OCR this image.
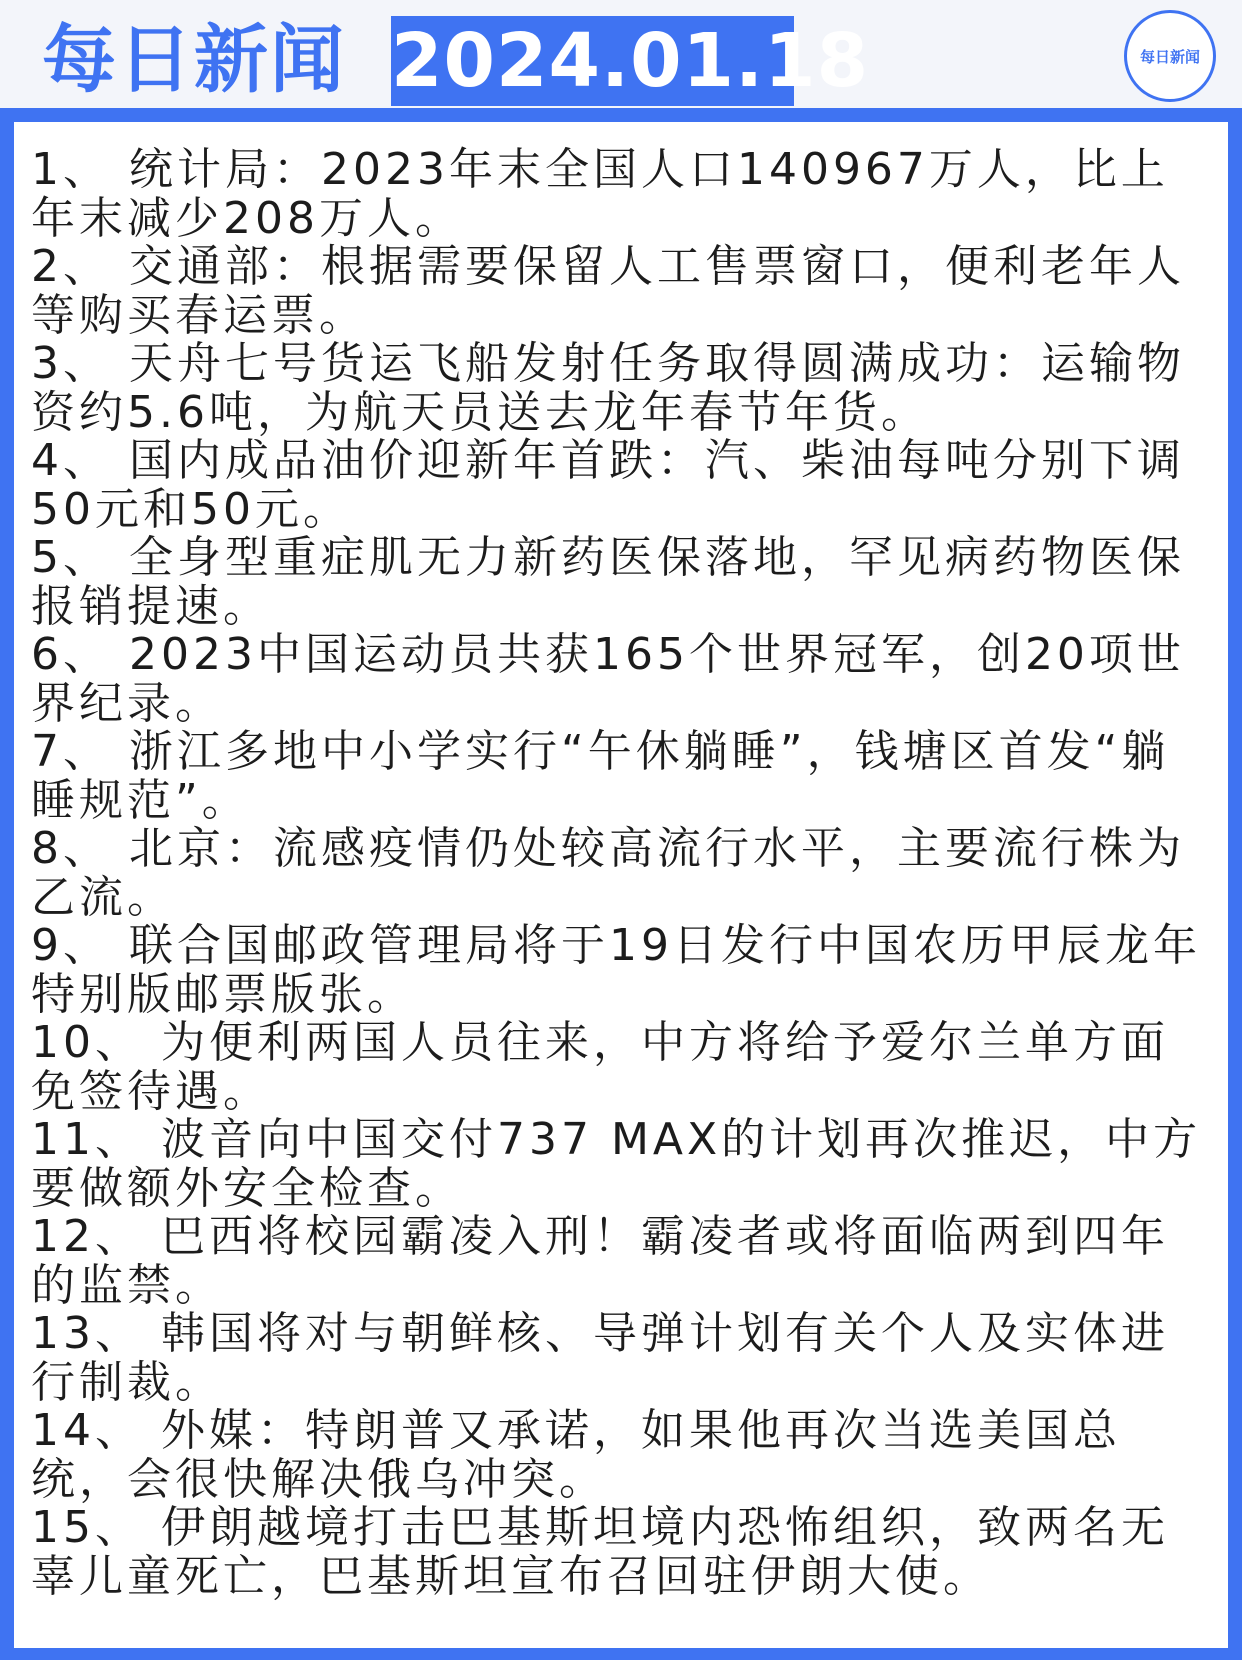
每日新闻 2024.01.18	每日新闻
1、 统计局：2023年末全国人口140967万人，比上年末减少208万人。
2、 交通部：根据需要保留人工售票窗口，便利老年人等购买春运票。
3、 天舟七号货运飞船发射任务取得圆满成功：运输物资约5.6吨，为航天员送去龙年春节年货。
4、 国内成品油价迎新年首跌：汽、柴油每吨分别下调50元和50元。
5、 全身型重症肌无力新药医保落地，罕见病药物医保报销提速。
6、 2023中国运动员共获165个世界冠军，创20项世界纪录。
7、 浙江多地中小学实行“午休躺睡”，钱塘区首发“躺睡规范”。
8、 北京：流感疫情仍处较高流行水平，主要流行株为乙流。
9、 联合国邮政管理局将于19日发行中国农历甲辰龙年特别版邮票版张。
10、 为便利两国人员往来，中方将给予爱尔兰单方面免签待遇。
11、 波音向中国交付737 MAX的计划再次推迟，中方要做额外安全检查。
12、 巴西将校园霸凌入刑！霸凌者或将面临两到四年的监禁。
13、 韩国将对与朝鲜核、导弹计划有关个人及实体进行制裁。
14、 外媒：特朗普又承诺，如果他再次当选美国总统，会很快解决俄乌冲突。
15、 伊朗越境打击巴基斯坦境内恐怖组织，致两名无辜儿童死亡，巴基斯坦宣布召回驻伊朗大使。
